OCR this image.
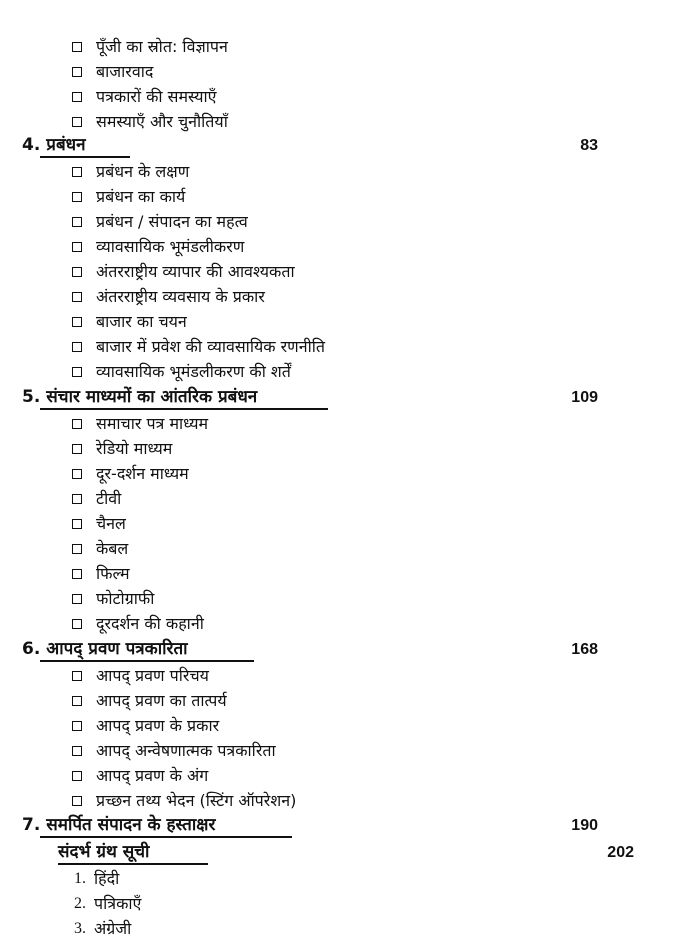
पूँजी का स्रोत: विज्ञापन
बाजारवाद
पत्रकारों की समस्याएँ
समस्याएँ और चुनौतियाँ
4. प्रबंधन	83
प्रबंधन के लक्षण
प्रबंधन का कार्य
प्रबंधन / संपादन का महत्व
व्यावसायिक भूमंडलीकरण
अंतरराष्ट्रीय व्यापार की आवश्यकता
अंतरराष्ट्रीय व्यवसाय के प्रकार
बाजार का चयन
बाजार में प्रवेश की व्यावसायिक रणनीति
व्यावसायिक भूमंडलीकरण की शर्तें
5. संचार माध्यमों का आंतरिक प्रबंधन	109
समाचार पत्र माध्यम
रेडियो माध्यम
दूर-दर्शन माध्यम
टीवी
चैनल
केबल
फिल्म
फोटोग्राफी
दूरदर्शन की कहानी
6. आपद् प्रवण पत्रकारिता	168
आपद् प्रवण परिचय
आपद् प्रवण का तात्पर्य
आपद् प्रवण के प्रकार
आपद् अन्वेषणात्मक पत्रकारिता
आपद् प्रवण के अंग
प्रच्छन तथ्य भेदन (स्टिंग ऑपरेशन)
7. समर्पित संपादन के हस्ताक्षर	190
संदर्भ ग्रंथ सूची	202
1. हिंदी
2. पत्रिकाएँ
3. अंग्रेजी
